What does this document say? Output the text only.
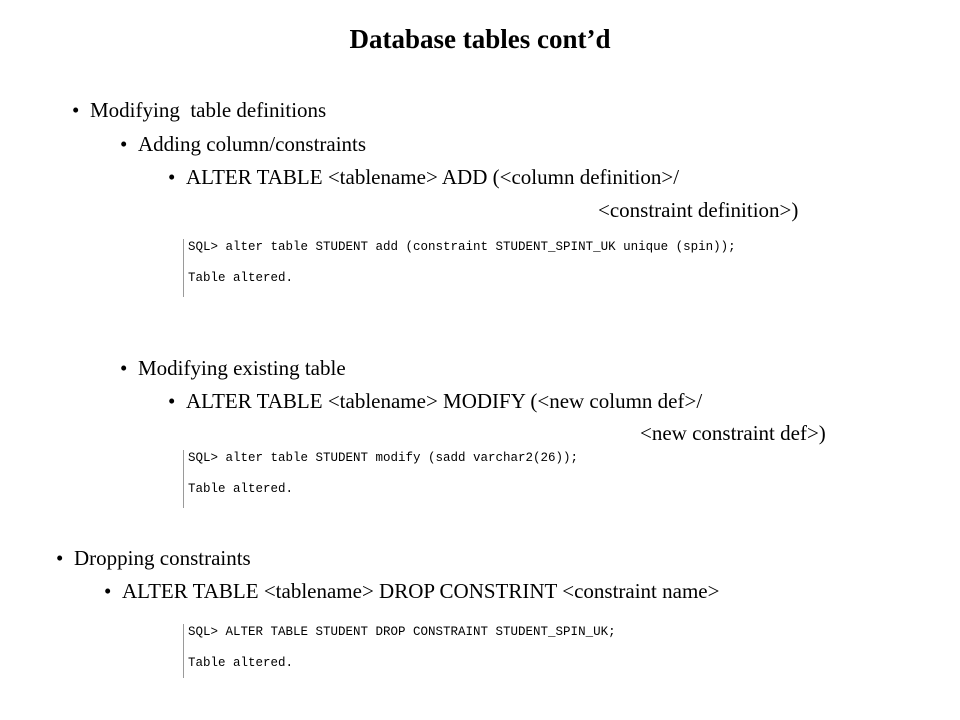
Database tables cont’d
• Modifying  table definitions
• Adding column/constraints
• ALTER TABLE <tablename> ADD (<column definition>/
<constraint definition>)
SQL> alter table STUDENT add (constraint STUDENT_SPINT_UK unique (spin));
Table altered.
• Modifying existing table
• ALTER TABLE <tablename> MODIFY (<new column def>/
<new constraint def>)
SQL> alter table STUDENT modify (sadd varchar2(26));
Table altered.
• Dropping constraints
• ALTER TABLE <tablename> DROP CONSTRINT <constraint name>
SQL> ALTER TABLE STUDENT DROP CONSTRAINT STUDENT_SPIN_UK;
Table altered.
